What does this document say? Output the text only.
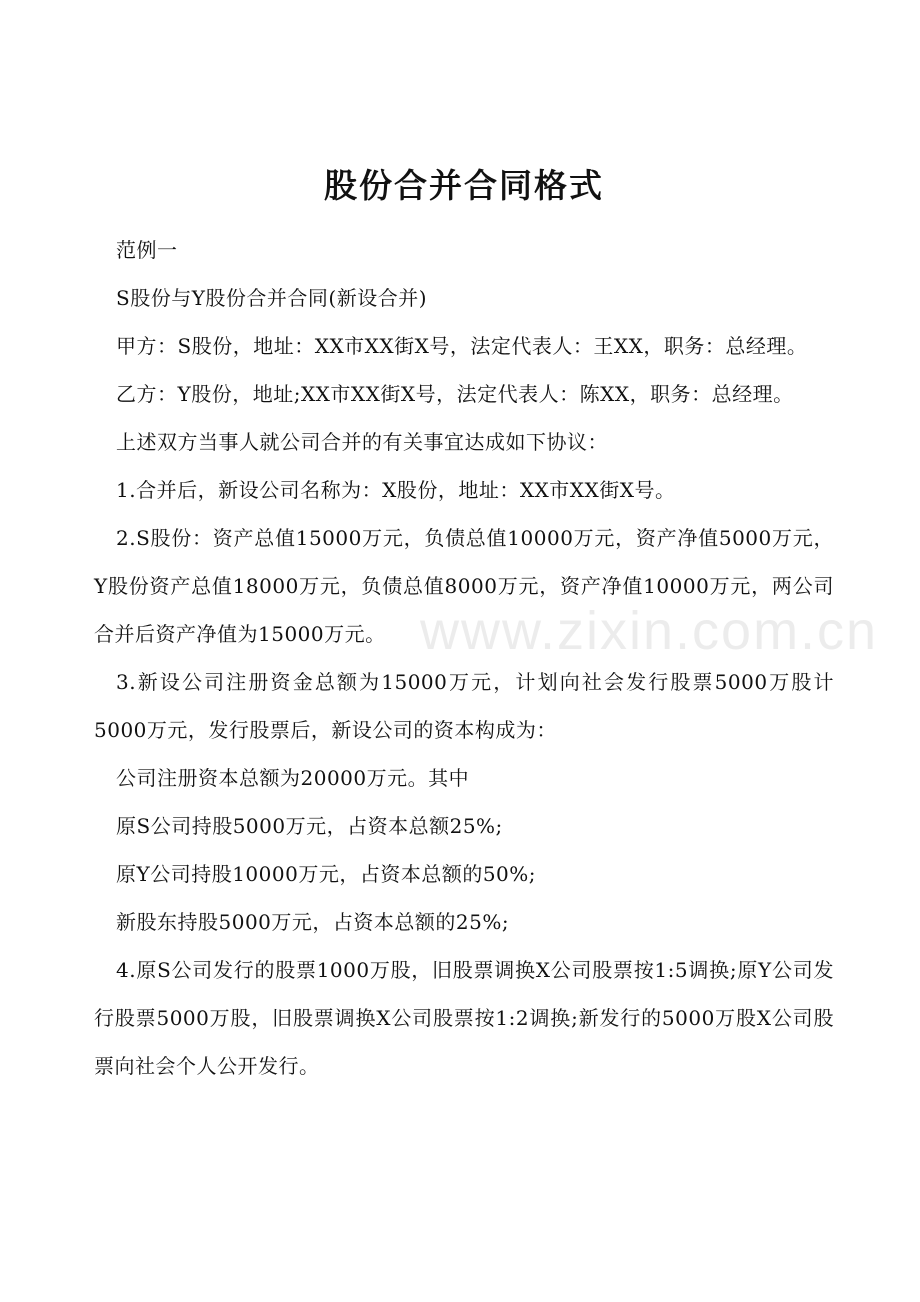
www.zixin.com.cn
股份合并合同格式

范例一

S股份与Y股份合并合同(新设合并)

甲方：S股份，地址：XX市XX街X号，法定代表人：王XX，职务：总经理。

乙方：Y股份，地址;XX市XX街X号，法定代表人：陈XX，职务：总经理。

上述双方当事人就公司合并的有关事宜达成如下协议：

1.合并后，新设公司名称为：X股份，地址：XX市XX街X号。

2.S股份：资产总值15000万元，负债总值10000万元，资产净值5000万元，Y股份资产总值18000万元，负债总值8000万元，资产净值10000万元，两公司合并后资产净值为15000万元。

3.新设公司注册资金总额为15000万元，计划向社会发行股票5000万股计5000万元，发行股票后，新设公司的资本构成为：

公司注册资本总额为20000万元。其中

原S公司持股5000万元，占资本总额25%;

原Y公司持股10000万元，占资本总额的50%;

新股东持股5000万元，占资本总额的25%;

4.原S公司发行的股票1000万股，旧股票调换X公司股票按1:5调换;原Y公司发行股票5000万股，旧股票调换X公司股票按1:2调换;新发行的5000万股X公司股票向社会个人公开发行。
